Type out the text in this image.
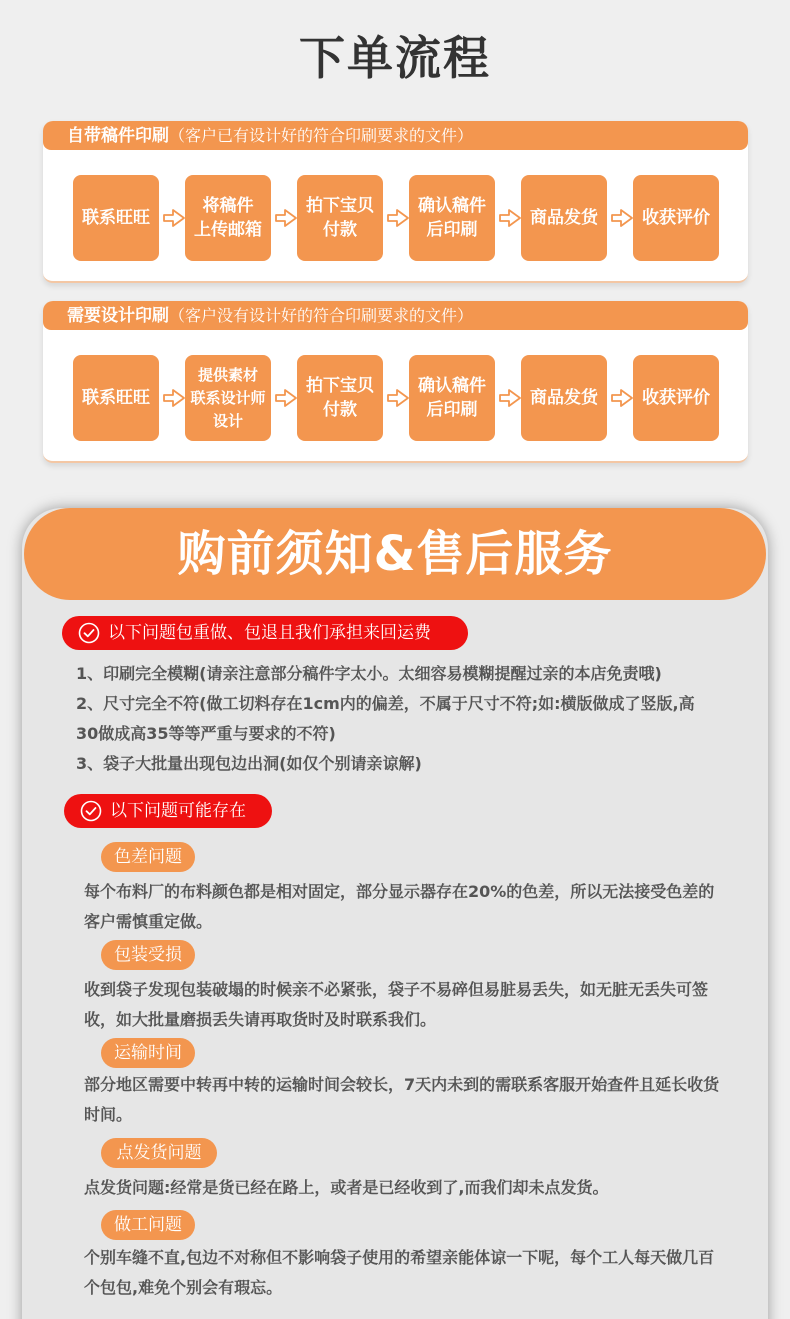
下单流程
自带稿件印刷（客户已有设计好的符合印刷要求的文件）
联系旺旺
将稿件
上传邮箱
拍下宝贝
付款
确认稿件
后印刷
商品发货	收获评价
需要设计印刷（客户没有设计好的符合印刷要求的文件）
联系旺旺
提供素材
联系设计师
设计
拍下宝贝
付款
确认稿件
后印刷
商品发货	收获评价
购前须知&售后服务
以下问题包重做、包退且我们承担来回运费
1、印刷完全模糊(请亲注意部分稿件字太小。太细容易模糊提醒过亲的本店免责哦)
2、尺寸完全不符(做工切料存在1cm内的偏差，不属于尺寸不符;如:横版做成了竖版,高30做成高35等等严重与要求的不符)
3、袋子大批量出现包边出洞(如仅个别请亲谅解)
以下问题可能存在
色差问题
每个布料厂的布料颜色都是相对固定，部分显示器存在20%的色差，所以无法接受色差的客户需慎重定做。
包装受损
收到袋子发现包装破塌的时候亲不必紧张，袋子不易碎但易脏易丢失，如无脏无丢失可签收，如大批量磨损丢失请再取货时及时联系我们。
运输时间
部分地区需要中转再中转的运输时间会较长，7天内未到的需联系客服开始查件且延长收货时间。
点发货问题
点发货问题:经常是货已经在路上，或者是已经收到了,而我们却未点发货。
做工问题
个别车缝不直,包边不对称但不影响袋子使用的希望亲能体谅一下呢，每个工人每天做几百个包包,难免个别会有瑕忘。
